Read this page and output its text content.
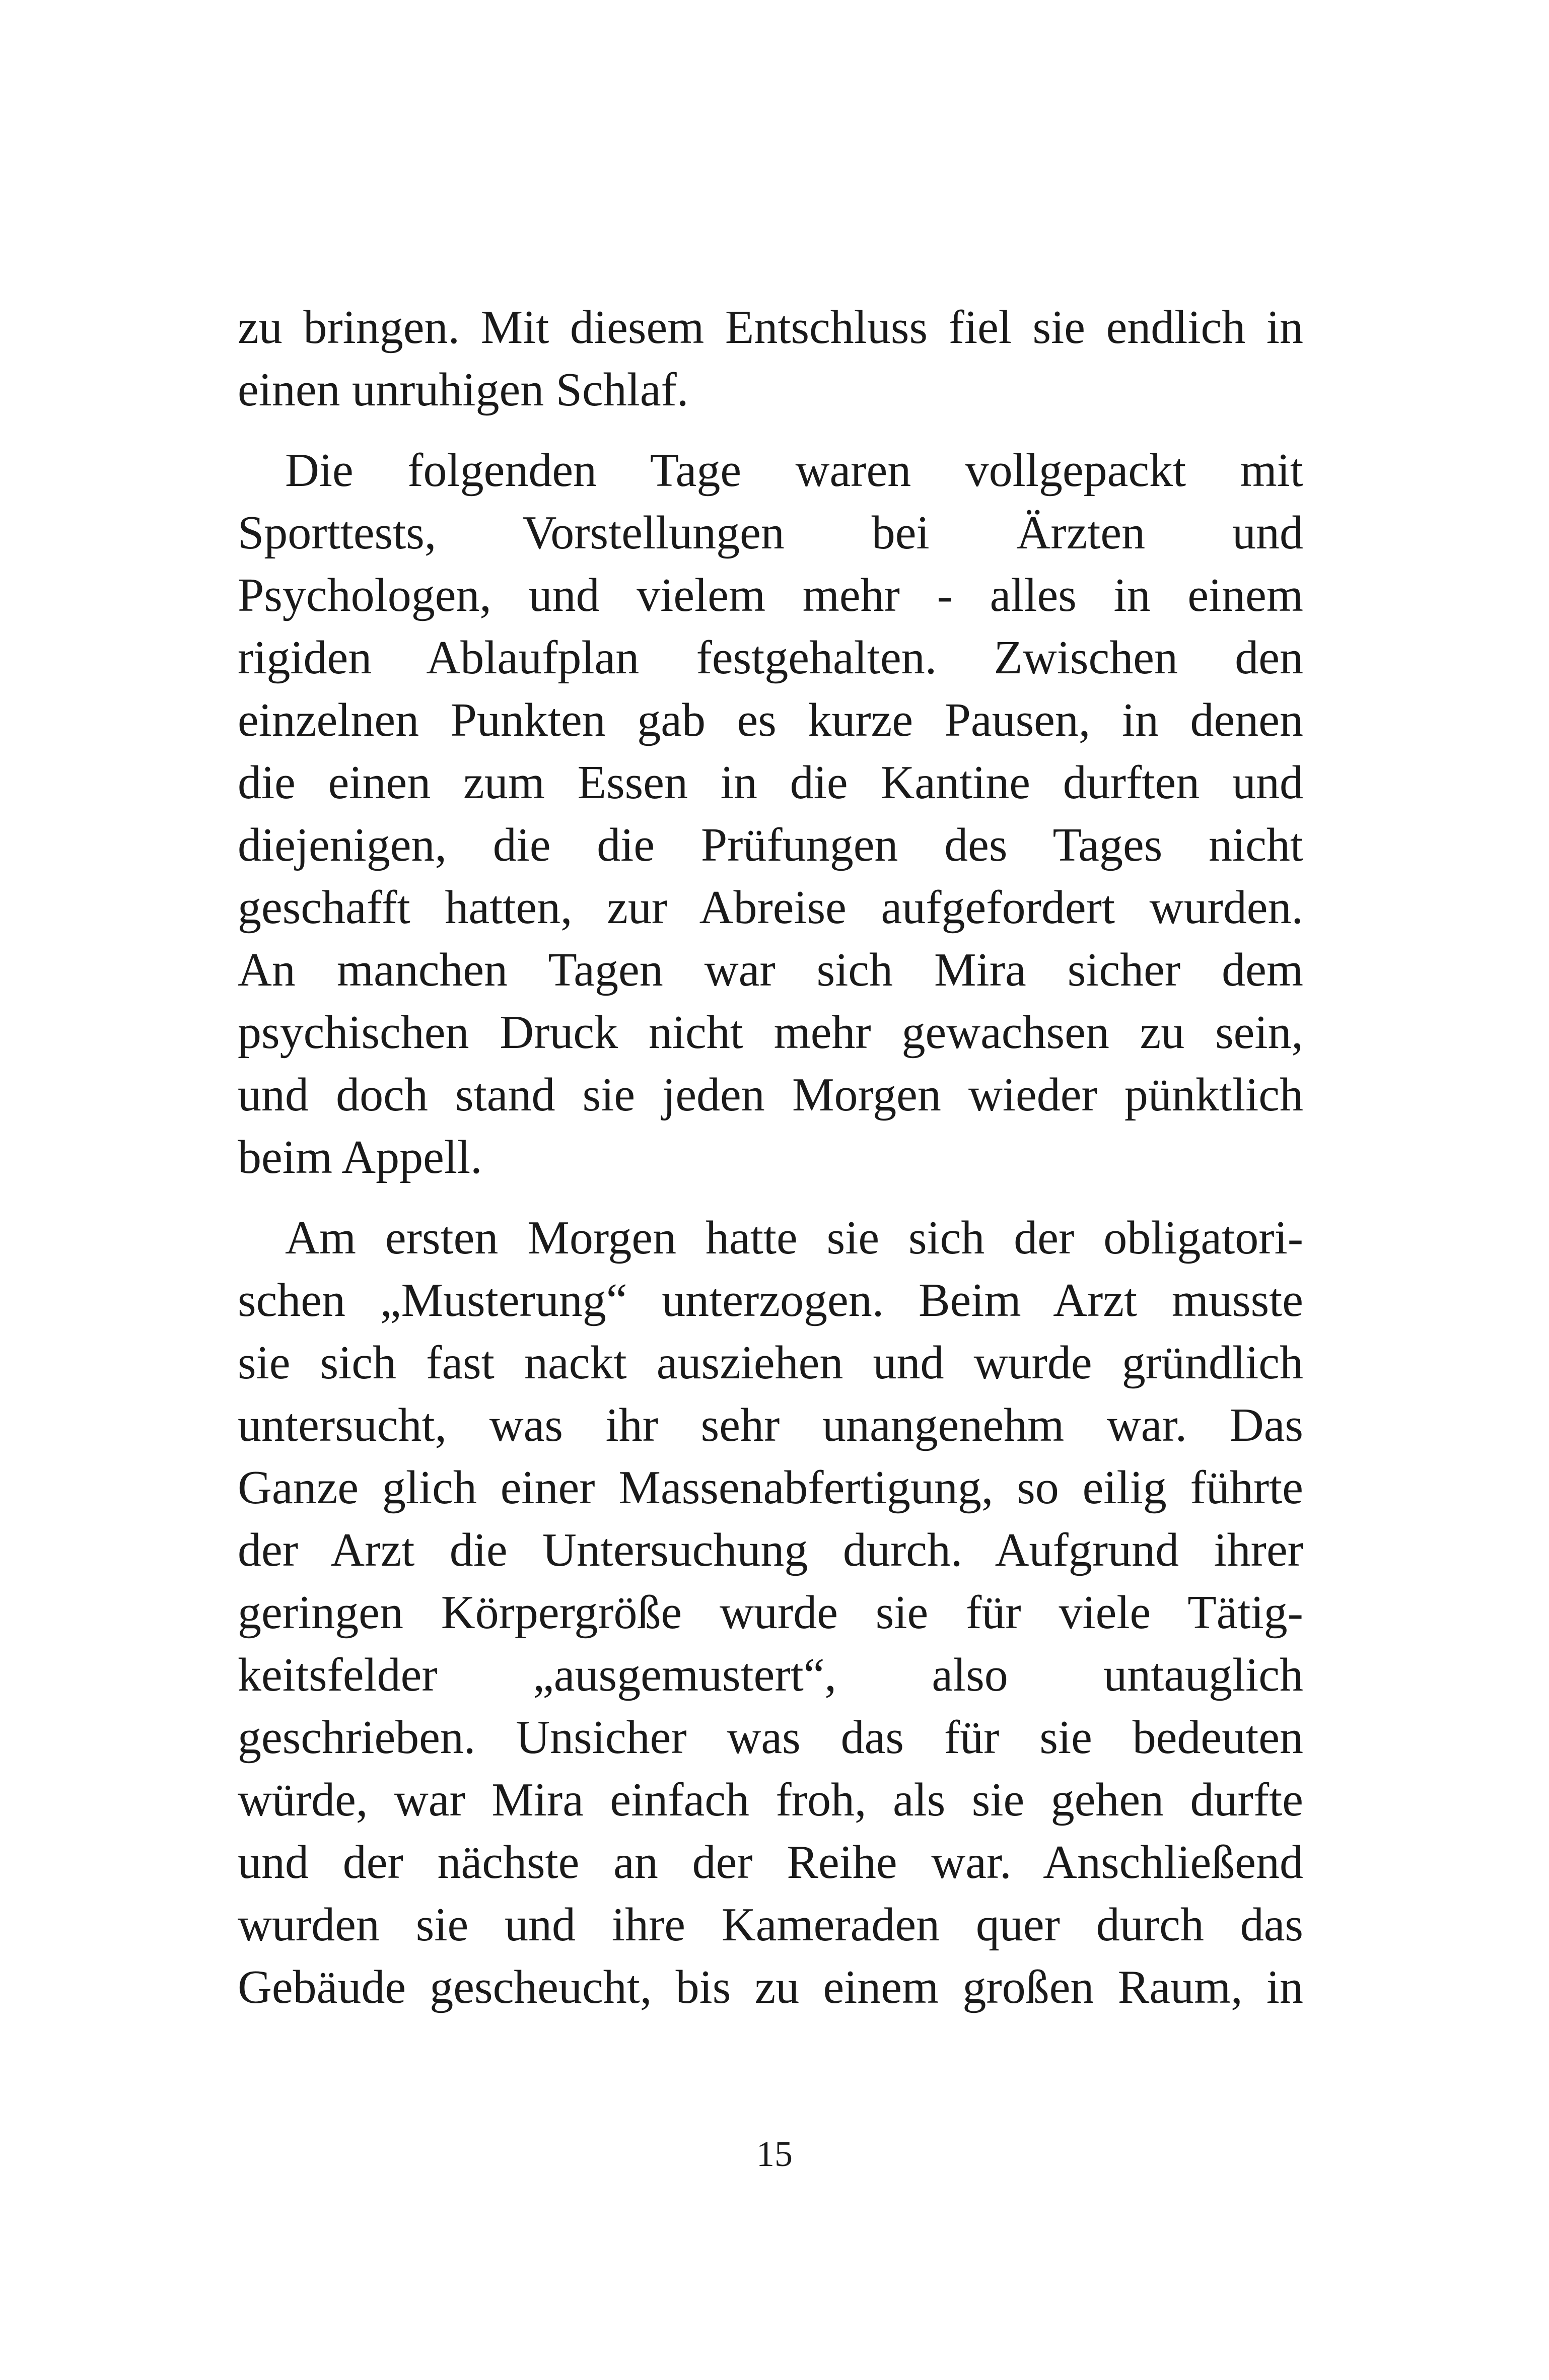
zu bringen. Mit diesem Entschluss fiel sie endlich in
einen unruhigen Schlaf.
Die folgenden Tage waren vollgepackt mit
Sporttests, Vorstellungen bei Ärzten und
Psychologen, und vielem mehr - alles in einem
rigiden Ablaufplan festgehalten. Zwischen den
einzelnen Punkten gab es kurze Pausen, in denen
die einen zum Essen in die Kantine durften und
diejenigen, die die Prüfungen des Tages nicht
geschafft hatten, zur Abreise aufgefordert wurden.
An manchen Tagen war sich Mira sicher dem
psychischen Druck nicht mehr gewachsen zu sein,
und doch stand sie jeden Morgen wieder pünktlich
beim Appell.
Am ersten Morgen hatte sie sich der obligatori-
schen „Musterung“ unterzogen. Beim Arzt musste
sie sich fast nackt ausziehen und wurde gründlich
untersucht, was ihr sehr unangenehm war. Das
Ganze glich einer Massenabfertigung, so eilig führte
der Arzt die Untersuchung durch. Aufgrund ihrer
geringen Körpergröße wurde sie für viele Tätig-
keitsfelder „ausgemustert“, also untauglich
geschrieben. Unsicher was das für sie bedeuten
würde, war Mira einfach froh, als sie gehen durfte
und der nächste an der Reihe war. Anschließend
wurden sie und ihre Kameraden quer durch das
Gebäude gescheucht, bis zu einem großen Raum, in
15
